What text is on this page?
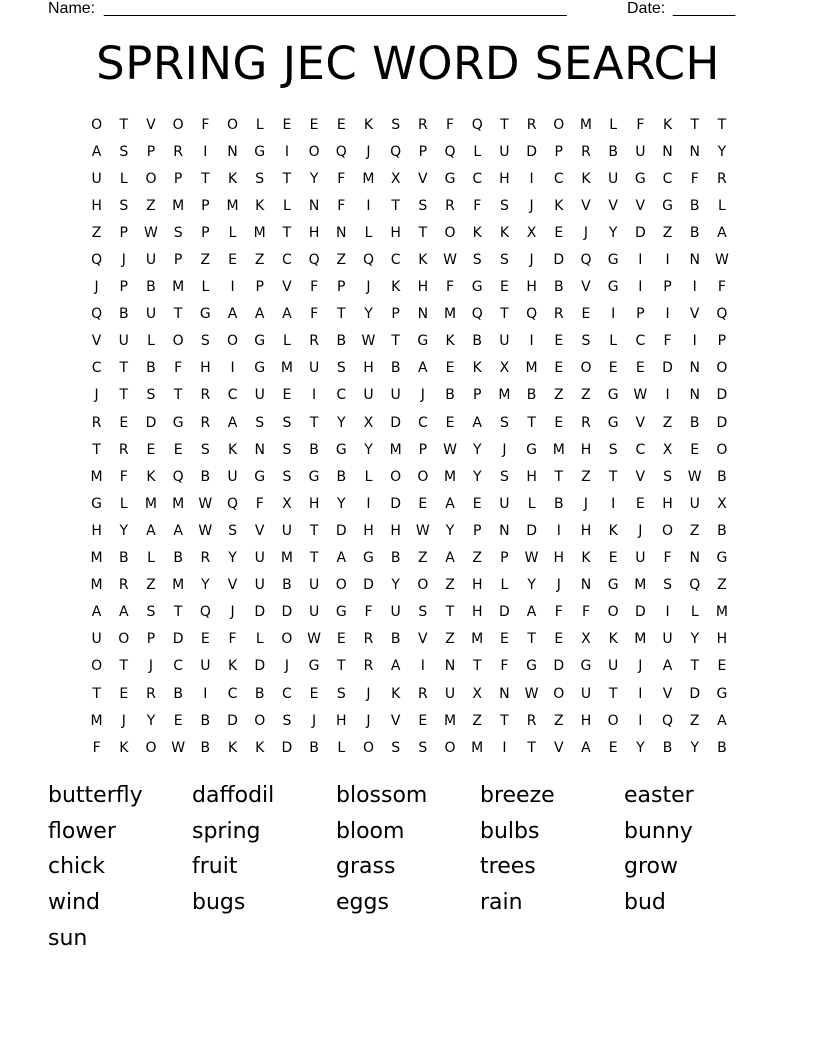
Name: ____________________________________________________	Date: _______
SPRING JEC WORD SEARCH
O	T	V	O	F	O	L	E	E	E	K	S	R	F	Q	T	R	O	M	L	F	K	T	T
A	S	P	R	I	N	G	I	O	Q	J	Q	P	Q	L	U	D	P	R	B	U	N	N	Y
U	L	O	P	T	K	S	T	Y	F	M	X	V	G	C	H	I	C	K	U	G	C	F	R
H	S	Z	M	P	M	K	L	N	F	I	T	S	R	F	S	J	K	V	V	V	G	B	L
Z	P	W	S	P	L	M	T	H	N	L	H	T	O	K	K	X	E	J	Y	D	Z	B	A
Q	J	U	P	Z	E	Z	C	Q	Z	Q	C	K	W	S	S	J	D	Q	G	I	I	N	W
J	P	B	M	L	I	P	V	F	P	J	K	H	F	G	E	H	B	V	G	I	P	I	F
Q	B	U	T	G	A	A	A	F	T	Y	P	N	M	Q	T	Q	R	E	I	P	I	V	Q
V	U	L	O	S	O	G	L	R	B	W	T	G	K	B	U	I	E	S	L	C	F	I	P
C	T	B	F	H	I	G	M	U	S	H	B	A	E	K	X	M	E	O	E	E	D	N	O
J	T	S	T	R	C	U	E	I	C	U	U	J	B	P	M	B	Z	Z	G	W	I	N	D
R	E	D	G	R	A	S	S	T	Y	X	D	C	E	A	S	T	E	R	G	V	Z	B	D
T	R	E	E	S	K	N	S	B	G	Y	M	P	W	Y	J	G	M	H	S	C	X	E	O
M	F	K	Q	B	U	G	S	G	B	L	O	O	M	Y	S	H	T	Z	T	V	S	W	B
G	L	M	M	W	Q	F	X	H	Y	I	D	E	A	E	U	L	B	J	I	E	H	U	X
H	Y	A	A	W	S	V	U	T	D	H	H	W	Y	P	N	D	I	H	K	J	O	Z	B
M	B	L	B	R	Y	U	M	T	A	G	B	Z	A	Z	P	W	H	K	E	U	F	N	G
M	R	Z	M	Y	V	U	B	U	O	D	Y	O	Z	H	L	Y	J	N	G	M	S	Q	Z
A	A	S	T	Q	J	D	D	U	G	F	U	S	T	H	D	A	F	F	O	D	I	L	M
U	O	P	D	E	F	L	O	W	E	R	B	V	Z	M	E	T	E	X	K	M	U	Y	H
O	T	J	C	U	K	D	J	G	T	R	A	I	N	T	F	G	D	G	U	J	A	T	E
T	E	R	B	I	C	B	C	E	S	J	K	R	U	X	N	W	O	U	T	I	V	D	G
M	J	Y	E	B	D	O	S	J	H	J	V	E	M	Z	T	R	Z	H	O	I	Q	Z	A
F	K	O	W	B	K	K	D	B	L	O	S	S	O	M	I	T	V	A	E	Y	B	Y	B
butterfly	daffodil	blossom	breeze	easter
flower	spring	bloom	bulbs	bunny
chick	fruit	grass	trees	grow
wind	bugs	eggs	rain	bud
sun
